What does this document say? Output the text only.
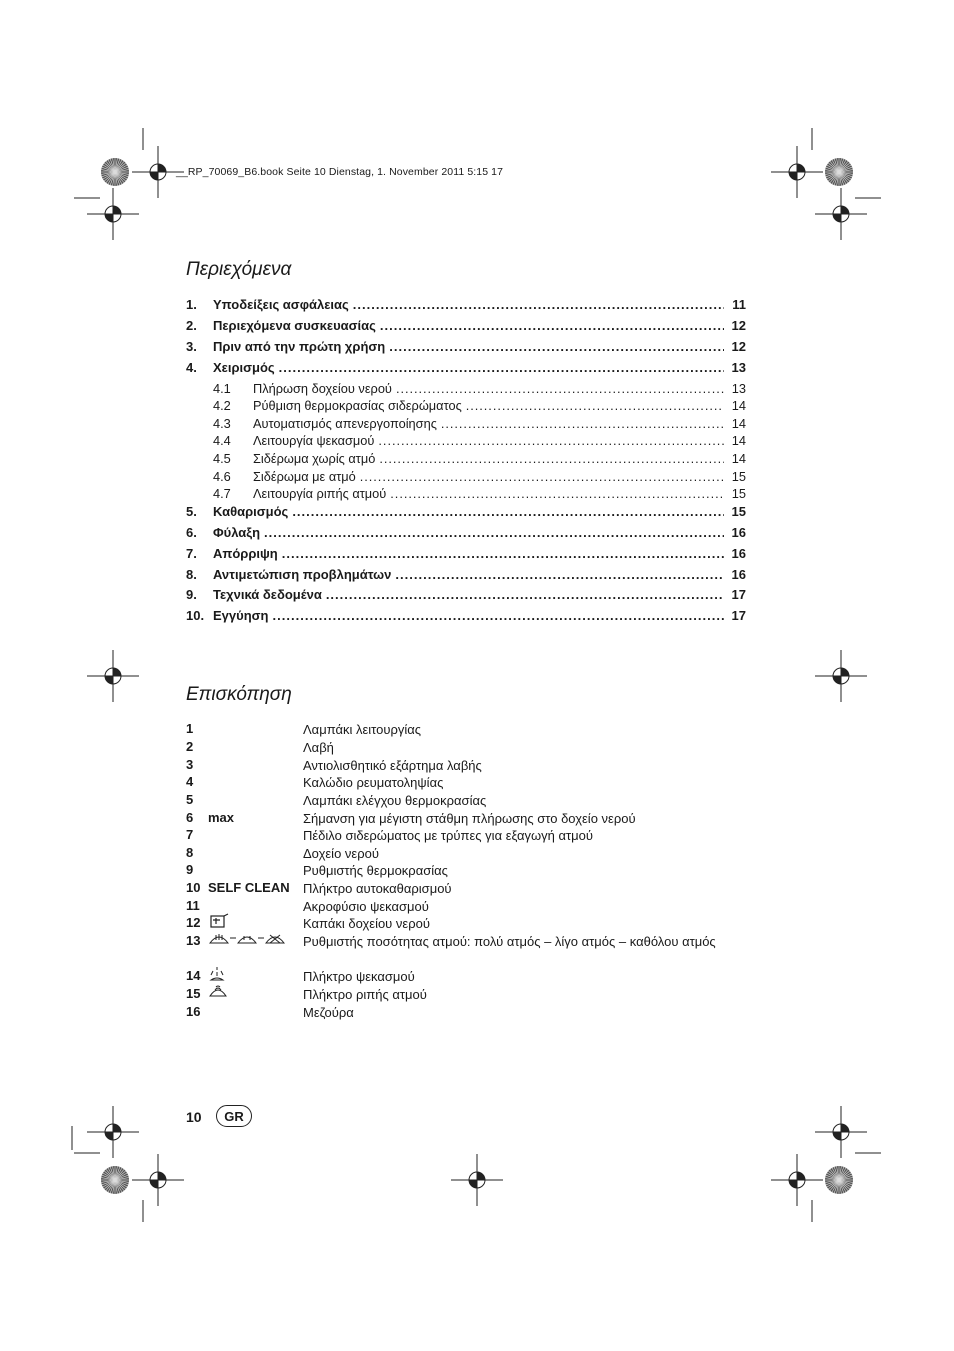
__RP_70069_B6.book Seite 10 Dienstag, 1. November 2011 5:15 17
Περιεχόμενα
1.	Υποδείξεις ασφάλειας . . .	11
2.	Περιεχόμενα συσκευασίας . . .	12
3.	Πριν από την πρώτη χρήση . . .	12
4.	Χειρισμός . . .	13
4.1	Πλήρωση δοχείου νερού . . .	13
4.2	Ρύθμιση θερμοκρασίας σιδερώματος . . .	14
4.3	Αυτοματισμός απενεργοποίησης . . .	14
4.4	Λειτουργία ψεκασμού . . .	14
4.5	Σιδέρωμα χωρίς ατμό . . .	14
4.6	Σιδέρωμα με ατμό . . .	15
4.7	Λειτουργία ριπής ατμού . . .	15
5.	Καθαρισμός . . .	15
6.	Φύλαξη . . .	16
7.	Απόρριψη . . .	16
8.	Αντιμετώπιση προβλημάτων . . .	16
9.	Τεχνικά δεδομένα . . .	17
10. Εγγύηση . . .	17
Επισκόπηση
1	Λαμπάκι λειτουργίας
2	Λαβή
3	Αντιολισθητικό εξάρτημα λαβής
4	Καλώδιο ρευματοληψίας
5	Λαμπάκι ελέγχου θερμοκρασίας
6 max	Σήμανση για μέγιστη στάθμη πλήρωσης στο δοχείο νερού
7	Πέδιλο σιδερώματος με τρύπες για εξαγωγή ατμού
8	Δοχείο νερού
9	Ρυθμιστής θερμοκρασίας
10 SELF CLEAN Πλήκτρο αυτοκαθαρισμού
11	Ακροφύσιο ψεκασμού
12	Καπάκι δοχείου νερού
13	Ρυθμιστής ποσότητας ατμού: πολύ ατμός – λίγο ατμός – καθόλου ατμός
14	Πλήκτρο ψεκασμού
15	Πλήκτρο ριπής ατμού
16	Μεζούρα
10	GR
